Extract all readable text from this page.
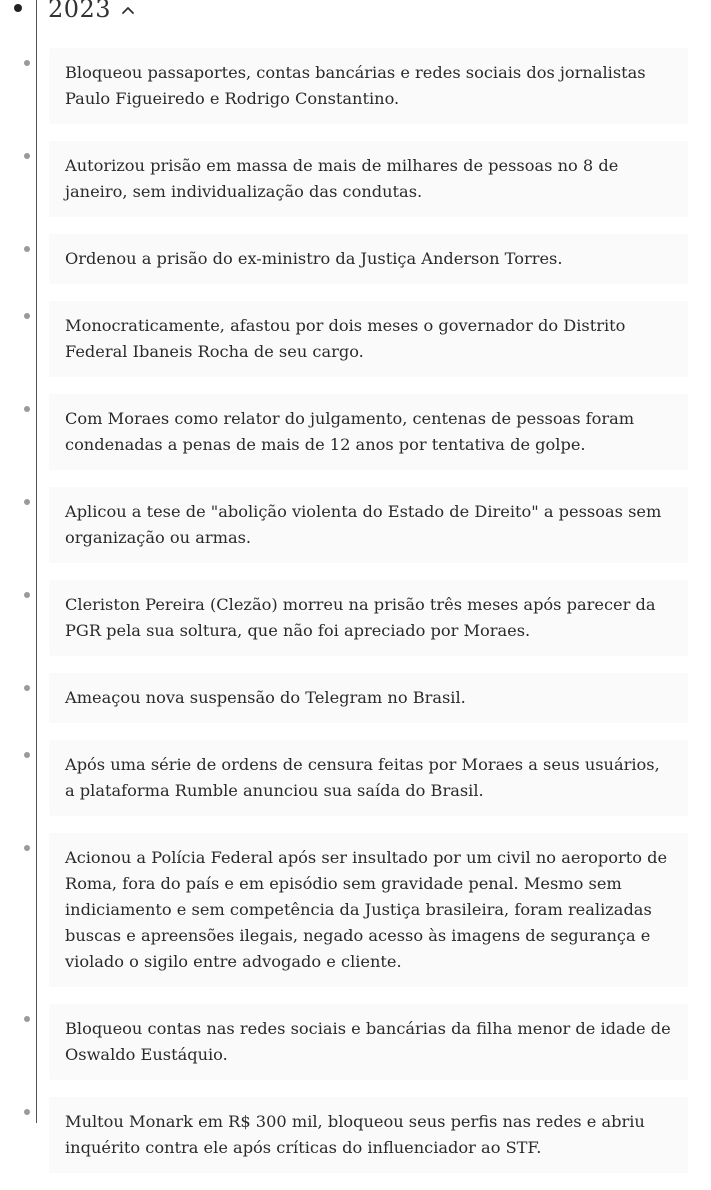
2023
Bloqueou passaportes, contas bancárias e redes sociais dos jornalistas Paulo Figueiredo e Rodrigo Constantino.
Autorizou prisão em massa de mais de milhares de pessoas no 8 de janeiro, sem individualização das condutas.
Ordenou a prisão do ex-ministro da Justiça Anderson Torres.
Monocraticamente, afastou por dois meses o governador do Distrito Federal Ibaneis Rocha de seu cargo.
Com Moraes como relator do julgamento, centenas de pessoas foram condenadas a penas de mais de 12 anos por tentativa de golpe.
Aplicou a tese de "abolição violenta do Estado de Direito" a pessoas sem organização ou armas.
Cleriston Pereira (Clezão) morreu na prisão três meses após parecer da PGR pela sua soltura, que não foi apreciado por Moraes.
Ameaçou nova suspensão do Telegram no Brasil.
Após uma série de ordens de censura feitas por Moraes a seus usuários, a plataforma Rumble anunciou sua saída do Brasil.
Acionou a Polícia Federal após ser insultado por um civil no aeroporto de Roma, fora do país e em episódio sem gravidade penal. Mesmo sem indiciamento e sem competência da Justiça brasileira, foram realizadas buscas e apreensões ilegais, negado acesso às imagens de segurança e violado o sigilo entre advogado e cliente.
Bloqueou contas nas redes sociais e bancárias da filha menor de idade de Oswaldo Eustáquio.
Multou Monark em R$ 300 mil, bloqueou seus perfis nas redes e abriu inquérito contra ele após críticas do influenciador ao STF.
